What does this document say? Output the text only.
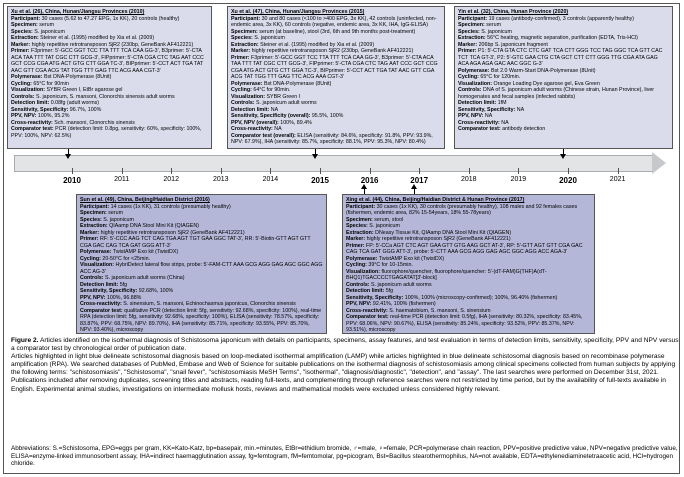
Xu et al. (26), China, Hunan/Jiangsu Provinces (2010)
Participant: 30 cases (5.62 to 47.27 EPG, 1x KK), 20 controls (healthy)
Specimen: serum
Species: S. japonicum
Extraction: Steiner et al. (1995) modified by Xia et al. (2009)
Marker: highly repetitive retrotransposon SjR2 (230bp, GeneBank AF412221)
Primer: F3primer: 5'-GCC GGT TCC TTA TTT TCA CAA GG-3', B3primer: 5'-CTA ACA TAA TTT TAT CGC CTT GCG-3', FIPprimer: 5'-CTA CGA CTC TAG AAT CCC GCT CCG CGA ATG ACT GTG CTT GGA TC-3', BIPprimer: 5'-CCT ACT TGA TAT AAC GTT CGA ACG TAT TGG TTT GAG TTC ACG AAA CGT-3'
Polymerase: Bst DNA-Polymerase (8Unit)
Cycling: 65°C for 90min
Visualization: SYBR Green I, EtBr agarose gel
Controls: S. japonicum, S. mansoni, Clonorchis sinensis adult worms
Detection limit: 0.08fg (adult worms)
Sensitivity, Specificity: 96.7%, 100%
PPV, NPV: 100%, 95.2%
Cross-reactivity: Sch. mansoni, Clonorchis sinensis
Comparator test: PCR (detection limit: 0.8pg, sensitivity: 60%, specificity: 100%, PPV: 100%, NPV: 62.5%)
Xu et al. (47), China, Hunan/Jiangsu Provinces (2015)
Participant: 30 and 80 cases (<100 to >400 EPG, 3x KK), 42 controls (uninfected, non-endemic area, 3x KK), 60 controls (negative, endemic area, 3x KK, IHA, IgG-ELISA)
Specimen: serum (at baseline), stool (3rd, 6th and 9th months post-treatment)
Species: S. japonicum
Extraction: Steiner et al. (1995) modified by Xia et al. (2009)
Marker: highly repetitive retrotransposon SjR2 (230bp, GeneBank AF412221)
Primer: F3primer: 5'-GCC GGT TCC TTA TTT TCA CAA GG-3', B3primer: 5'-CTA ACA TAA TTT TAT CGC CTT GCG-3', FIPprimer: 5'-CTA CGA CTC TAG AAT CCC GCT CCG CGA ATG ACT GTG CTT GGA TC-3', BIPprimer: 5'-CCT ACT TGA TAT AAC GTT CGA ACG TAT TGG TTT GAG TTC ACG AAA CGT-3'
Polymerase: Bst DNA-Polymerase (8Unit)
Cycling: 64°C for 90min.
Visualization: SYBR Green I
Controls: S. japonicum adult worms
Detection limit: NA
Sensitivity, Specificity (overall): 95.5%, 100%
PPV, NPV (overall): 100%, 89.4%
Cross-reactivity: NA
Comparator test (overall): ELISA (sensitivity: 84.6%, specificity: 91.8%, PPV: 93.9%, NPV: 67.9%), IHA (sensitivity: 85.7%, specificity: 88.1%, PPV: 95.3%, NPV: 80.4%)
Yin et al. (32), China, Hunan Province (2020)
Participant: 19 cases (antibody-confirmed), 3 controls (apparently healthy)
Specimen: serum
Species: S. japonicum
Extraction: 56°C heating, magnetic separation, purification (EDTA, Tris-HCl)
Marker: 206bp S. japonicum fragment
Primer: P1: 5'-CTA GTA CTC CTC GAT TCA CTT GGG TCC TAG GGC TCA GTT CAC TCT TCA GT-3', P2: 5'-GTC GAA CTG CTA GCT CTT CTT GGG TTG CGA ATA GAG ACA AGA AGA GAC AAC GGC G-3'
Polymerase: Bst 2.0 Warm-Start DNA-Polymerase (8Unit)
Cycling: 65°C for 120min.
Visualization: Orange Loading Dye agarose gel, Eva Green
Controls: DNA of S. japonicum adult worms (Chinese strain, Hunan Province), liver homogenates and fecal samples (infected rabbits)
Detection limit: 1fM
Sensitivity, Specificity: NA
PPV, NPV: NA
Cross-reactivity: NA
Comparator test: antibody detection
Sun et al. (49), China, Beijing/Haidian District (2016)
Participant: 14 cases (1x KK), 31 controls (presumably healthy)
Specimen: serum
Species: S. japonicum
Extraction: QIAamp DNA Stool Mini Kit (QIAGEN)
Marker: highly repetitive retrotransposon SjR2 (GeneBank AF412221)
Primer: RF: 5'-CCC AAG TCT CAG TGA AGT TGT GAA GGC TAT-3', RR: 5'-Biotin-GTT AGT GTT CGA GAC CAG TCA GAT GGG ATT-3'
Polymerase: TwistAMP Exo kit (TwistDX)
Cycling: 20-50°C for <25min.
Visualization: HybriDetect lateral flow strips, probe: 5'-FAM-CTT AAA GCG AGG GAG AGC GGC AGG ACC AG-3'
Controls: S. japonicum adult worms (China)
Detection limit: 5fg
Sensitivity, Specificity: 92.68%, 100%
PPV, NPV: 100%, 96.88%
Cross-reactivity: S. sinensium, S. mansoni, Echinochasmus japonicus, Clonorchis sinensis
Comparator test: qualitative PCR (detection limit: 5fg, sensitivity: 92.68%, specificity: 100%), real-time RPA (detection limit: 5fg, sensitivity: 92.68%, specificity: 100%), ELISA (sensitivity: 78.57%, specificity: 83.87%, PPV: 68.75%, NPV: 89.70%), IHA (sensitivity: 85.71%, specificity: 93.55%, PPV: 85.70%, NPV: 93.40%), microscopy
Xing et al. (44), China, Beijing/Haidian District & Hunan Province (2017)
Participant: 30 cases (1x KK), 30 controls (presumably healthy), 108 males and 92 females cases (fishermen, endemic area, 82% 15-54years, 18% 55-78years)
Specimen: serum, stool
Species: S. japonicum
Extraction: DNeasy Tissue Kit, QIAamp DNA Stool Mini Kit (QIAGEN)
Marker: highly repetitive retrotransposon SjR2 (GeneBank AF412221)
Primer: FP: 5'-CCa AGT CTC AGT GAA GTT GTG AAG GCT AT-3', RP: 5'-GTT AGT GTT CGA GAC CAG TCA GAT GGG ATT-3', probe: 5'-CTT AAA GCG AGG GAG AGC GGC AGG ACC AGA-3'
Polymerase: TwistAMP Exo kit (TwistDX)
Cycling: 39°C for 10-15min.
Visualization: fluorophore/quencher, fluorophore/quencher: 5'-(dT-FAM)G(THF)A(dT-BHQ1)TGACCCCTGAGATAT[3'-block]
Controls: S. japonicum adult worms
Detection limit: 5fg
Sensitivity, Specificity: 100%, 100% (microscopy-confirmed); 100%, 96.40% (fishermen)
PPV, NPV: 92.41%, 100% (fishermen)
Cross-reactivity: S. haematobium, S. mansoni, S. sinensium
Comparator test: real-time PCR (detection limit: 0.5fg), IHA (sensitivity: 80.32%, specificity: 83.45%, PPV: 68.06%, NPV: 90.67%), ELISA (sensitivity: 85.24%, specificity: 93.52%, PPV: 85.37%, NPV: 93.51%), microscopy
2010	2011	2012	2013	2014	2015	2016	2017	2018	2019	2020	2021

Figure 2. Articles identified on the isothermal diagnosis of Schistosoma japonicum with details on participants, specimens, assay features, and test evaluation in terms of detection limits, sensitivity, specificity, PPV and NPV versus a comparator test by chronological order of publication date.

Articles highlighted in light blue delineate schistosomal diagnosis based on loop-mediated isothermal amplification (LAMP) while articles highlighted in blue delineate schistosomal diagnosis based on recombinase polymerase amplification (RPA). We searched databases of PubMed, Embase and Web of Science for suitable publications on the isothermal diagnosis of schistosomiasis among clinical specimens collected from human subjects by applying the following terms: "schistosomiasis", "Schistosoma", "snail fever", "schistosomiasis MeSH Terms", "isothermal", "diagnosis/diagnostic", "detection", and "assay". The last searches were performed on December 31st, 2021. Publications included after removing duplicates, screening titles and abstracts, reading full-texts, and complementing through reference searches were not restricted by time period, but by the availability of full-texts available in English. Experimental animal studies, investigations on intermediate mollusk hosts, reviews and mathematical models were excluded unless considered highly relevant.

Abbreviations: S.=Schistosoma, EPG=eggs per gram, KK=Kato-Katz, bp=basepair, min.=minutes, EtBr=ethidium bromide, ♂=male, ♀=female, PCR=polymerase chain reaction, PPV=positive predictive value, NPV=negative predictive value, ELISA=enzyme-linked immunosorbent assay, IHA=indirect haemagglutination assay, fg=femtogram, fM=femtomolar, pg=picogram, Bst=Bacillus stearothermophilus, NA=not available, EDTA=ethylenediaminetetraacetic acid, HCl=hydrogen chloride.
